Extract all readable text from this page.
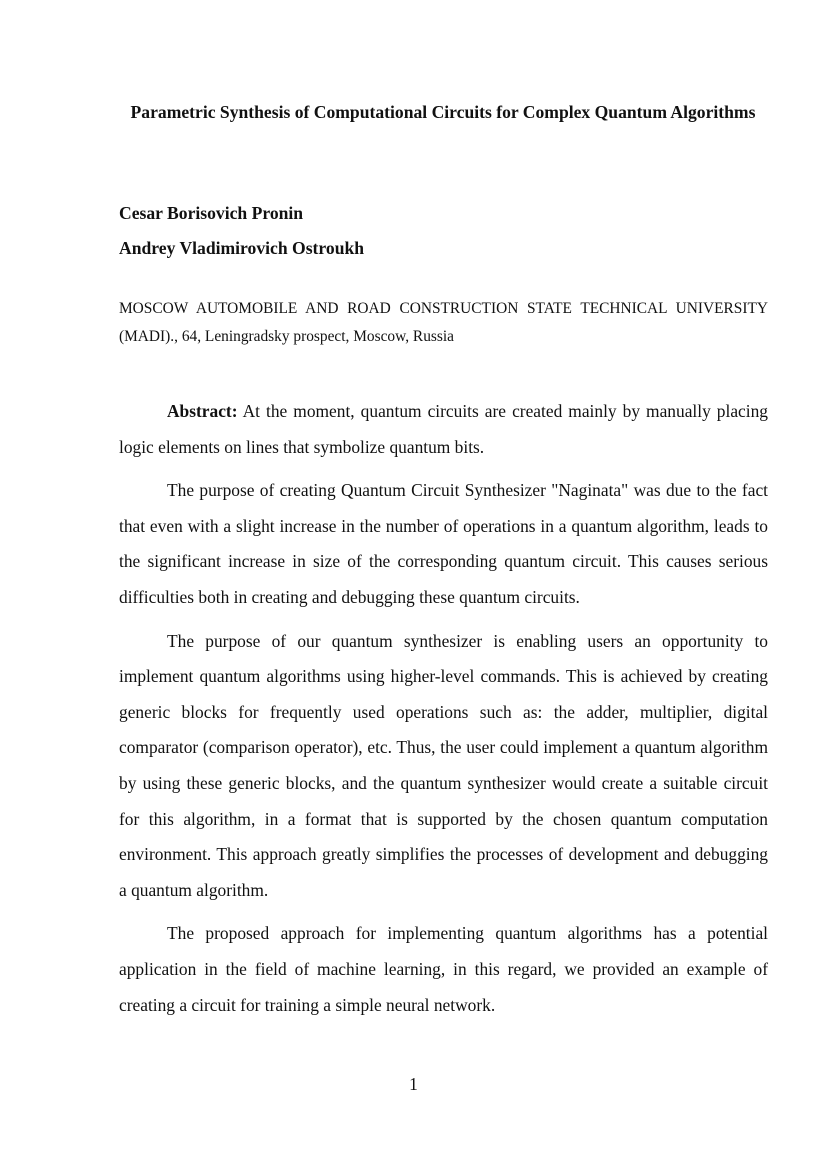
Parametric Synthesis of Computational Circuits for Complex Quantum Algorithms
Cesar Borisovich Pronin
Andrey Vladimirovich Ostroukh
MOSCOW AUTOMOBILE AND ROAD CONSTRUCTION STATE TECHNICAL UNIVERSITY (MADI)., 64, Leningradsky prospect, Moscow, Russia

Abstract: At the moment, quantum circuits are created mainly by manually placing logic elements on lines that symbolize quantum bits.

The purpose of creating Quantum Circuit Synthesizer "Naginata" was due to the fact that even with a slight increase in the number of operations in a quantum algorithm, leads to the significant increase in size of the corresponding quantum circuit. This causes serious difficulties both in creating and debugging these quantum circuits.

The purpose of our quantum synthesizer is enabling users an opportunity to implement quantum algorithms using higher-level commands. This is achieved by creating generic blocks for frequently used operations such as: the adder, multiplier, digital comparator (comparison operator), etc. Thus, the user could implement a quantum algorithm by using these generic blocks, and the quantum synthesizer would create a suitable circuit for this algorithm, in a format that is supported by the chosen quantum computation environment. This approach greatly simplifies the processes of development and debugging a quantum algorithm.

The proposed approach for implementing quantum algorithms has a potential application in the field of machine learning, in this regard, we provided an example of creating a circuit for training a simple neural network.

1
